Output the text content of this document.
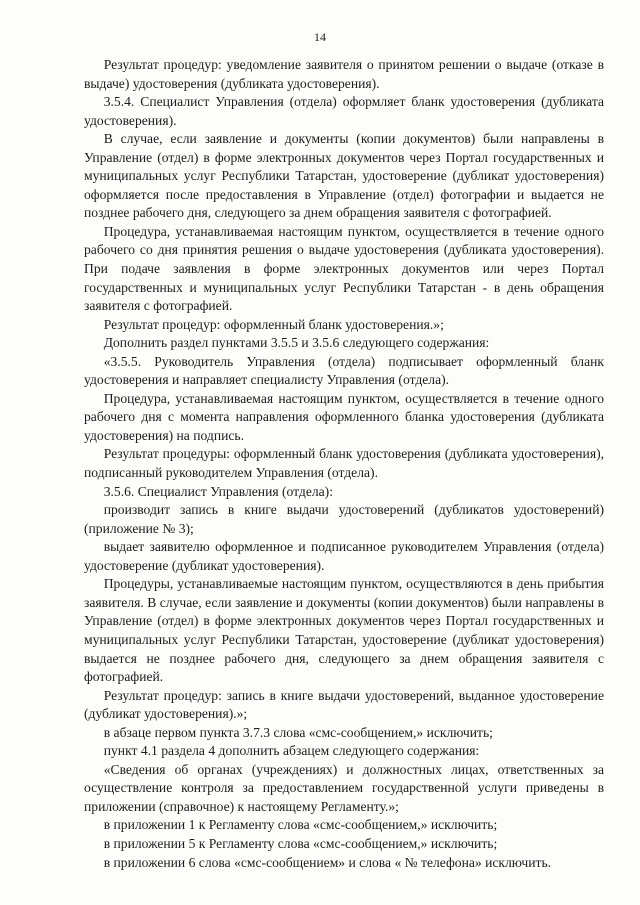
14

Результат процедур: уведомление заявителя о принятом решении о выдаче (отказе в выдаче) удостоверения (дубликата удостоверения).

3.5.4. Специалист Управления (отдела) оформляет бланк удостоверения (дубликата удостоверения).

В случае, если заявление и документы (копии документов) были направлены в Управление (отдел) в форме электронных документов через Портал государственных и муниципальных услуг Республики Татарстан, удостоверение (дубликат удостоверения) оформляется после предоставления в Управление (отдел) фотографии и выдается не позднее рабочего дня, следующего за днем обращения заявителя с фотографией.

Процедура, устанавливаемая настоящим пунктом, осуществляется в течение одного рабочего со дня принятия решения о выдаче удостоверения (дубликата удостоверения). При подаче заявления в форме электронных документов или через Портал государственных и муниципальных услуг Республики Татарстан - в день обращения заявителя с фотографией.

Результат процедур: оформленный бланк удостоверения.»;

Дополнить раздел пунктами 3.5.5 и 3.5.6 следующего содержания:

«3.5.5. Руководитель Управления (отдела) подписывает оформленный бланк удостоверения и направляет специалисту Управления (отдела).

Процедура, устанавливаемая настоящим пунктом, осуществляется в течение одного рабочего дня с момента направления оформленного бланка удостоверения (дубликата удостоверения) на подпись.

Результат процедуры: оформленный бланк удостоверения (дубликата удостоверения), подписанный руководителем Управления (отдела).

3.5.6. Специалист Управления (отдела):

производит запись в книге выдачи удостоверений (дубликатов удостоверений) (приложение № 3);

выдает заявителю оформленное и подписанное руководителем Управления (отдела) удостоверение (дубликат удостоверения).

Процедуры, устанавливаемые настоящим пунктом, осуществляются в день прибытия заявителя. В случае, если заявление и документы (копии документов) были направлены в Управление (отдел) в форме электронных документов через Портал государственных и муниципальных услуг Республики Татарстан, удостоверение (дубликат удостоверения) выдается не позднее рабочего дня, следующего за днем обращения заявителя с фотографией.

Результат процедур: запись в книге выдачи удостоверений, выданное удостоверение (дубликат удостоверения).»;

в абзаце первом пункта 3.7.3 слова «смс-сообщением,» исключить;

пункт 4.1 раздела 4 дополнить абзацем следующего содержания:

«Сведения об органах (учреждениях) и должностных лицах, ответственных за осуществление контроля за предоставлением государственной услуги приведены в приложении (справочное) к настоящему Регламенту.»;

в приложении 1 к Регламенту слова «смс-сообщением,» исключить;

в приложении 5 к Регламенту слова «смс-сообщением,» исключить;

в приложении 6 слова «смс-сообщением» и слова « № телефона» исключить.
